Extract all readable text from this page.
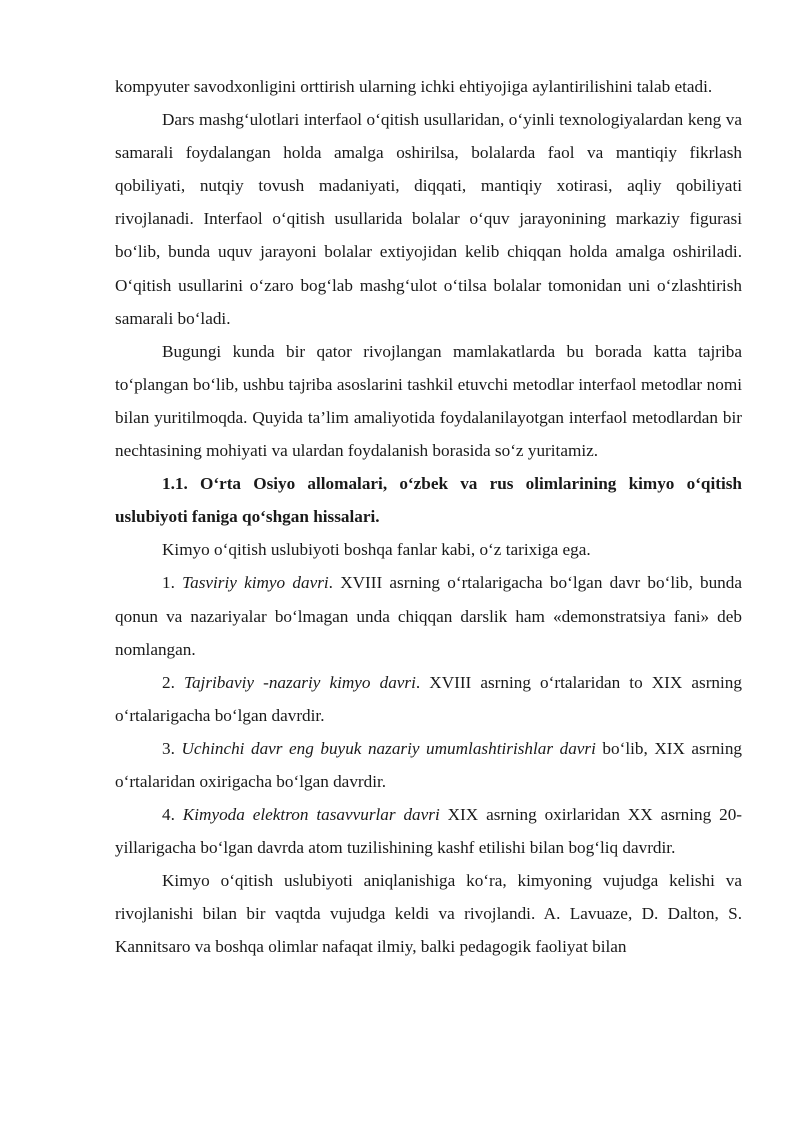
kompyuter savodxonligini orttirish ularning ichki ehtiyojiga aylantirilishini talab etadi.

Dars mashg‘ulotlari interfaol o‘qitish usullaridan, o‘yinli texnologiyalardan keng va samarali foydalangan holda amalga oshirilsa, bolalarda faol va mantiqiy fikrlash qobiliyati, nutqiy tovush madaniyati, diqqati, mantiqiy xotirasi, aqliy qobiliyati rivojlanadi. Interfaol o‘qitish usullarida bolalar o‘quv jarayonining markaziy figurasi bo‘lib, bunda uquv jarayoni bolalar extiyojidan kelib chiqqan holda amalga oshiriladi. O‘qitish usullarini o‘zaro bog‘lab mashg‘ulot o‘tilsa bolalar tomonidan uni o‘zlashtirish samarali bo‘ladi.

Bugungi kunda bir qator rivojlangan mamlakatlarda bu borada katta tajriba to‘plangan bo‘lib, ushbu tajriba asoslarini tashkil etuvchi metodlar interfaol metodlar nomi bilan yuritilmoqda. Quyida ta’lim amaliyotida foydalanilayotgan interfaol metodlardan bir nechtasining mohiyati va ulardan foydalanish borasida so‘z yuritamiz.

1.1. O‘rta Osiyo allomalari, o‘zbek va rus olimlarining kimyo o‘qitish uslubiyoti faniga qo‘shgan hissalari.

Kimyo o‘qitish uslubiyoti boshqa fanlar kabi, o‘z tarixiga ega.

1. Tasviriy kimyo davri. XVIII asrning o‘rtalarigacha bo‘lgan davr bo‘lib, bunda qonun va nazariyalar bo‘lmagan unda chiqqan darslik ham «demonstratsiya fani» deb nomlangan.

2. Tajribaviy -nazariy kimyo davri. XVIII asrning o‘rtalaridan to XIX asrning o‘rtalarigacha bo‘lgan davrdir.

3. Uchinchi davr eng buyuk nazariy umumlashtirishlar davri bo‘lib, XIX asrning o‘rtalaridan oxirigacha bo‘lgan davrdir.

4. Kimyoda elektron tasavvurlar davri XIX asrning oxirlaridan XX asrning 20- yillarigacha bo‘lgan davrda atom tuzilishining kashf etilishi bilan bog‘liq davrdir.

Kimyo o‘qitish uslubiyoti aniqlanishiga ko‘ra, kimyoning vujudga kelishi va rivojlanishi bilan bir vaqtda vujudga keldi va rivojlandi. A. Lavuaze, D. Dalton, S. Kannitsaro va boshqa olimlar nafaqat ilmiy, balki pedagogik faoliyat bilan
